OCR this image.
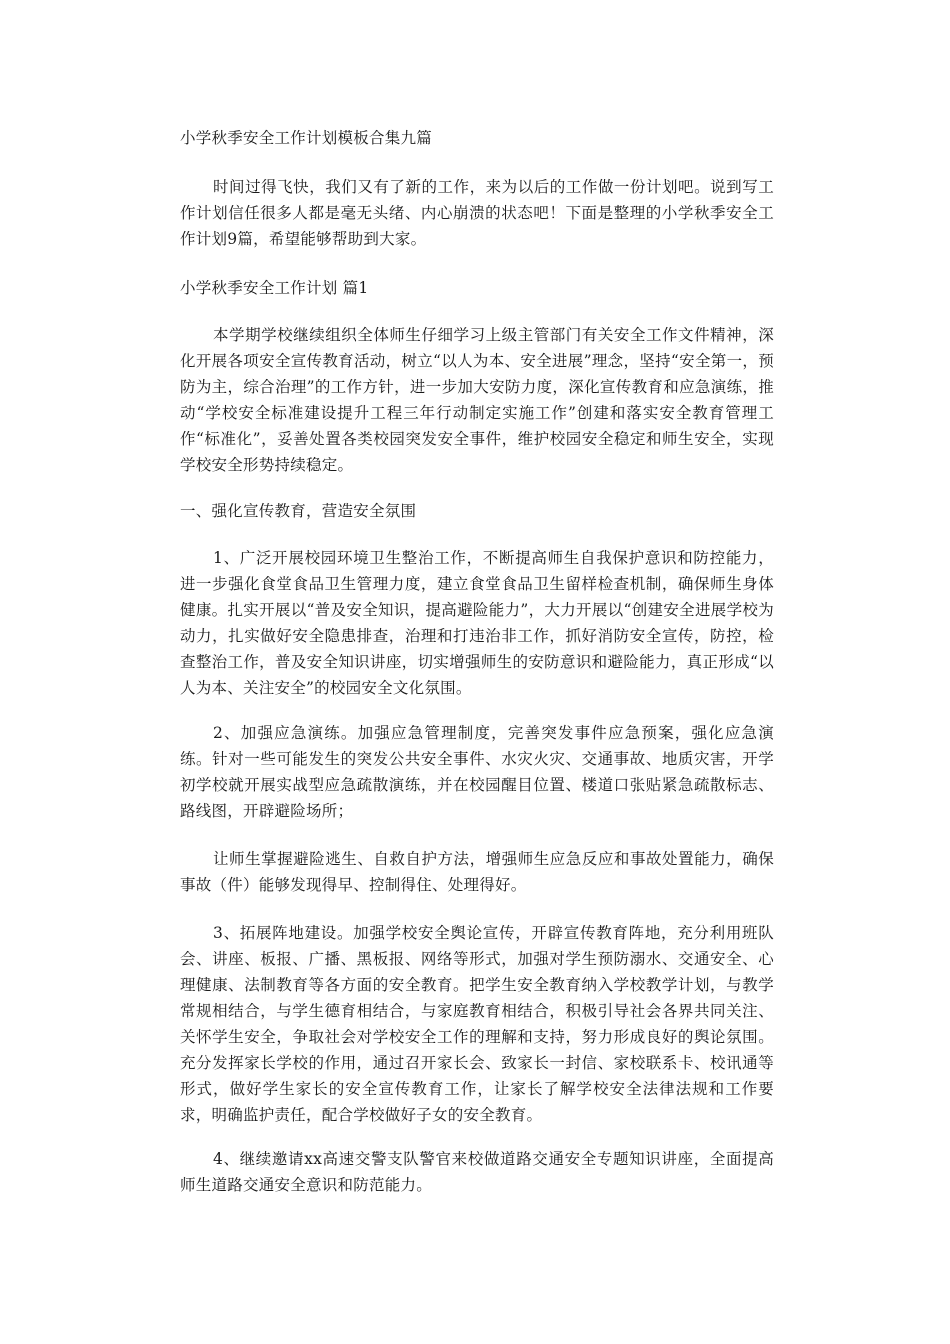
小学秋季安全工作计划模板合集九篇
时间过得飞快，我们又有了新的工作，来为以后的工作做一份计划吧。说到写工作计划信任很多人都是毫无头绪、内心崩溃的状态吧！下面是整理的小学秋季安全工作计划9篇，希望能够帮助到大家。
小学秋季安全工作计划 篇1
本学期学校继续组织全体师生仔细学习上级主管部门有关安全工作文件精神，深化开展各项安全宣传教育活动，树立“以人为本、安全进展”理念，坚持“安全第一，预防为主，综合治理”的工作方针，进一步加大安防力度，深化宣传教育和应急演练，推动“学校安全标准建设提升工程三年行动制定实施工作”创建和落实安全教育管理工作“标准化”，妥善处置各类校园突发安全事件，维护校园安全稳定和师生安全，实现学校安全形势持续稳定。
一、强化宣传教育，营造安全氛围
1、广泛开展校园环境卫生整治工作，不断提高师生自我保护意识和防控能力，进一步强化食堂食品卫生管理力度，建立食堂食品卫生留样检查机制，确保师生身体健康。扎实开展以“普及安全知识，提高避险能力”，大力开展以“创建安全进展学校为动力，扎实做好安全隐患排查，治理和打违治非工作，抓好消防安全宣传，防控，检查整治工作，普及安全知识讲座，切实增强师生的安防意识和避险能力，真正形成“以人为本、关注安全”的校园安全文化氛围。
2、加强应急演练。加强应急管理制度，完善突发事件应急预案，强化应急演练。针对一些可能发生的突发公共安全事件、水灾火灾、交通事故、地质灾害，开学初学校就开展实战型应急疏散演练，并在校园醒目位置、楼道口张贴紧急疏散标志、路线图，开辟避险场所；
让师生掌握避险逃生、自救自护方法，增强师生应急反应和事故处置能力，确保事故（件）能够发现得早、控制得住、处理得好。
3、拓展阵地建设。加强学校安全舆论宣传，开辟宣传教育阵地，充分利用班队会、讲座、板报、广播、黑板报、网络等形式，加强对学生预防溺水、交通安全、心理健康、法制教育等各方面的安全教育。把学生安全教育纳入学校教学计划，与教学常规相结合，与学生德育相结合，与家庭教育相结合，积极引导社会各界共同关注、关怀学生安全，争取社会对学校安全工作的理解和支持，努力形成良好的舆论氛围。充分发挥家长学校的作用，通过召开家长会、致家长一封信、家校联系卡、校讯通等形式，做好学生家长的安全宣传教育工作，让家长了解学校安全法律法规和工作要求，明确监护责任，配合学校做好子女的安全教育。
4、继续邀请xx高速交警支队警官来校做道路交通安全专题知识讲座，全面提高师生道路交通安全意识和防范能力。
